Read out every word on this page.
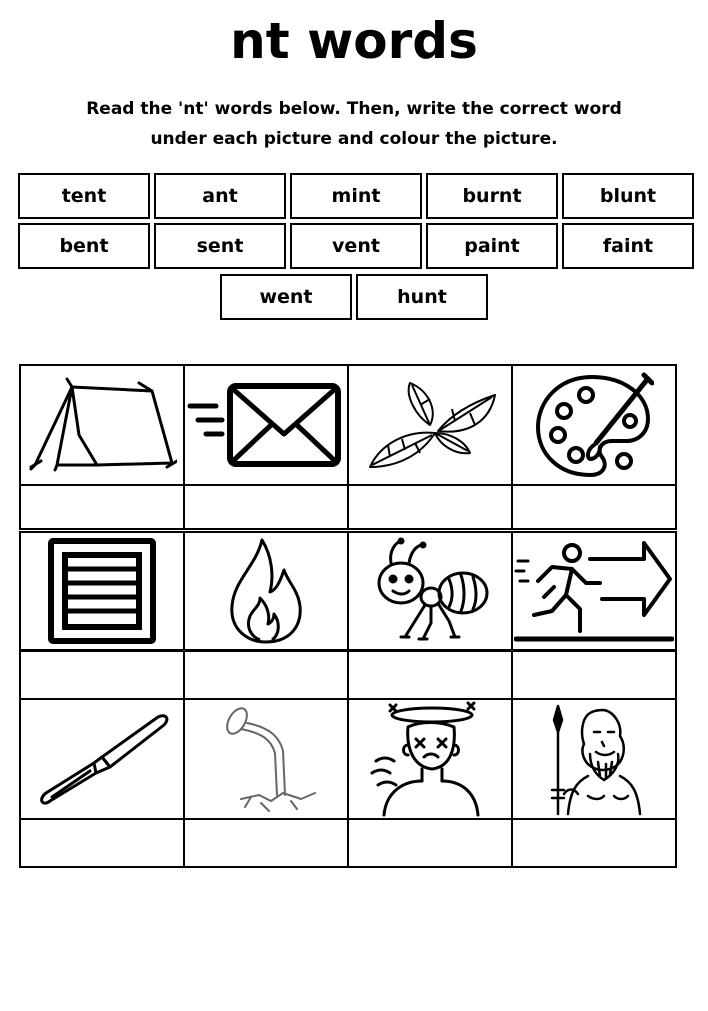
nt words
Read the 'nt' words below. Then, write the correct word
under each picture and colour the picture.
tent	ant	mint	burnt	blunt
bent	sent	vent	paint	faint
went	hunt
